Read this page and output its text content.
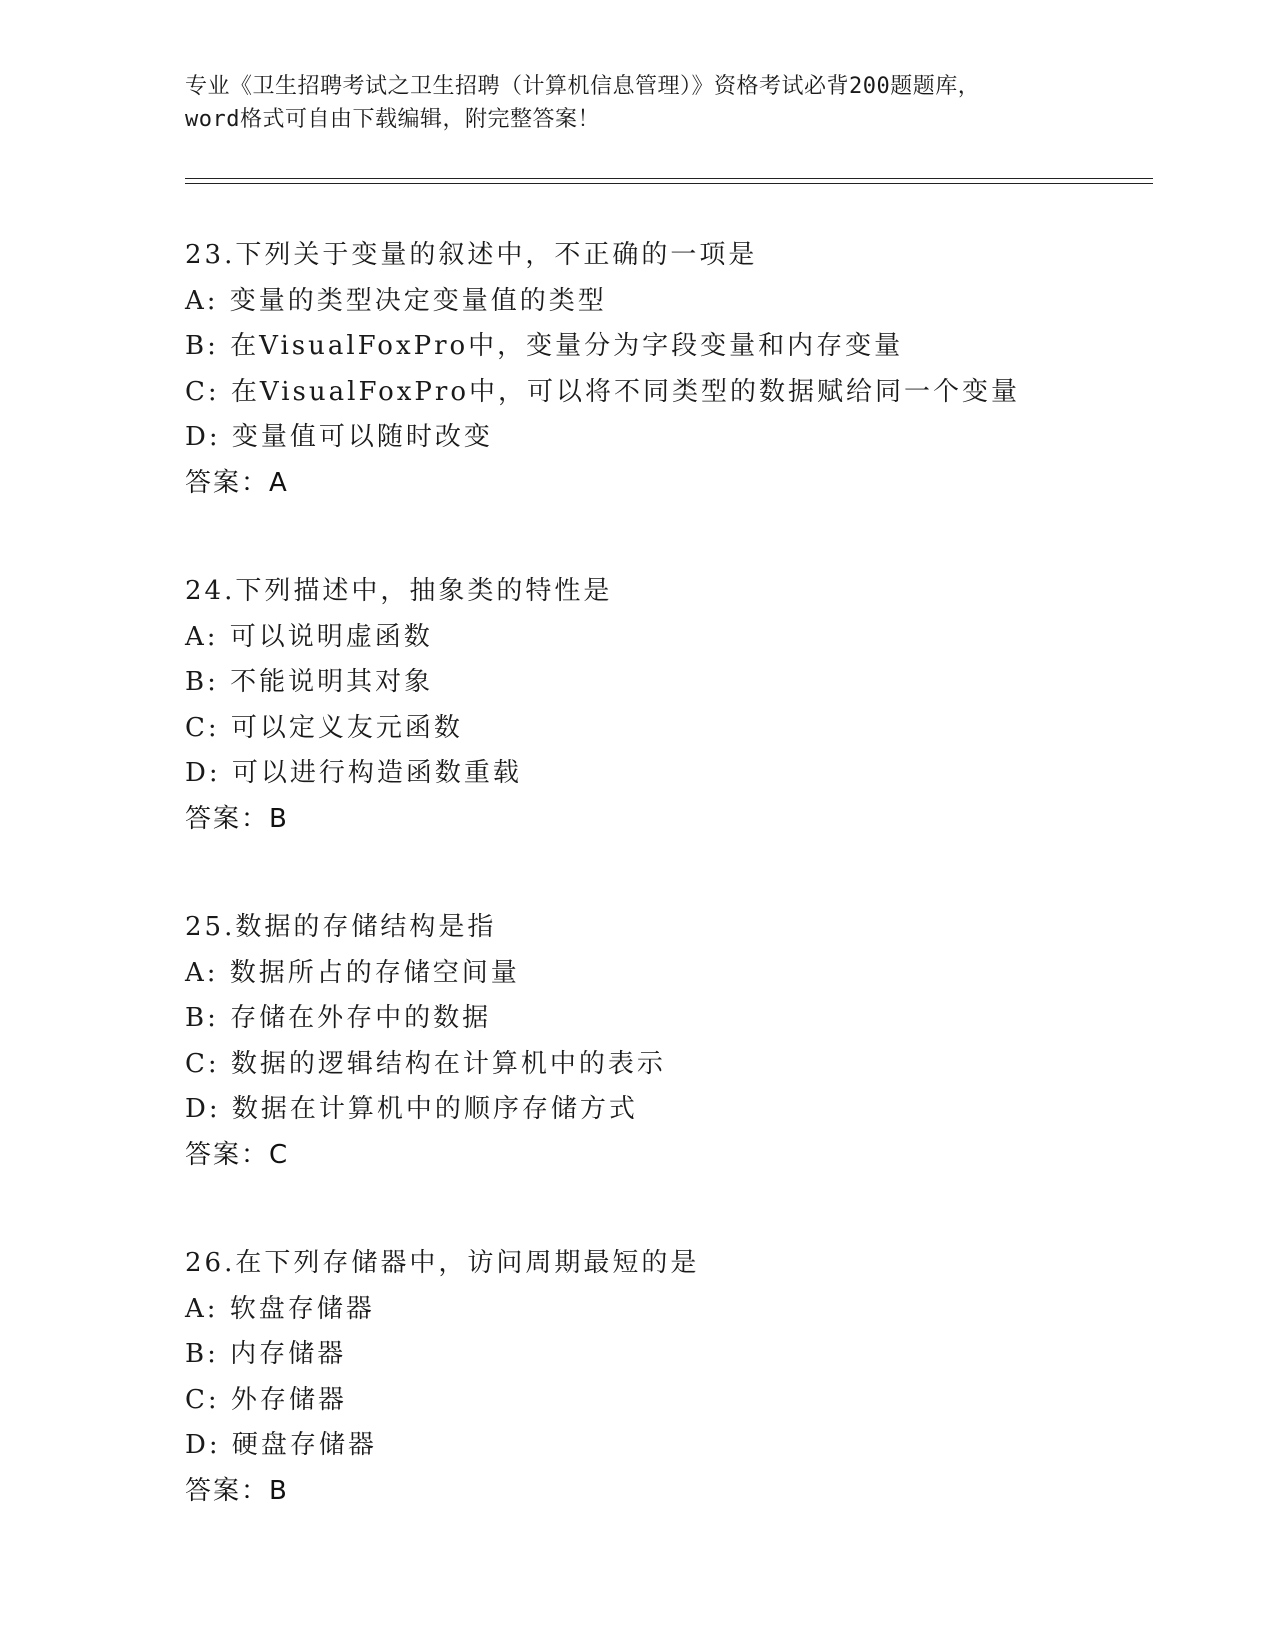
专业《卫生招聘考试之卫生招聘（计算机信息管理）》资格考试必背200题题库，
word格式可自由下载编辑，附完整答案！
23.下列关于变量的叙述中，不正确的一项是
A: 变量的类型决定变量值的类型
B: 在VisualFoxPro中，变量分为字段变量和内存变量
C: 在VisualFoxPro中，可以将不同类型的数据赋给同一个变量
D: 变量值可以随时改变
答案：A
24.下列描述中，抽象类的特性是
A: 可以说明虚函数
B: 不能说明其对象
C: 可以定义友元函数
D: 可以进行构造函数重载
答案：B
25.数据的存储结构是指
A: 数据所占的存储空间量
B: 存储在外存中的数据
C: 数据的逻辑结构在计算机中的表示
D: 数据在计算机中的顺序存储方式
答案：C
26.在下列存储器中，访问周期最短的是
A: 软盘存储器
B: 内存储器
C: 外存储器
D: 硬盘存储器
答案：B
